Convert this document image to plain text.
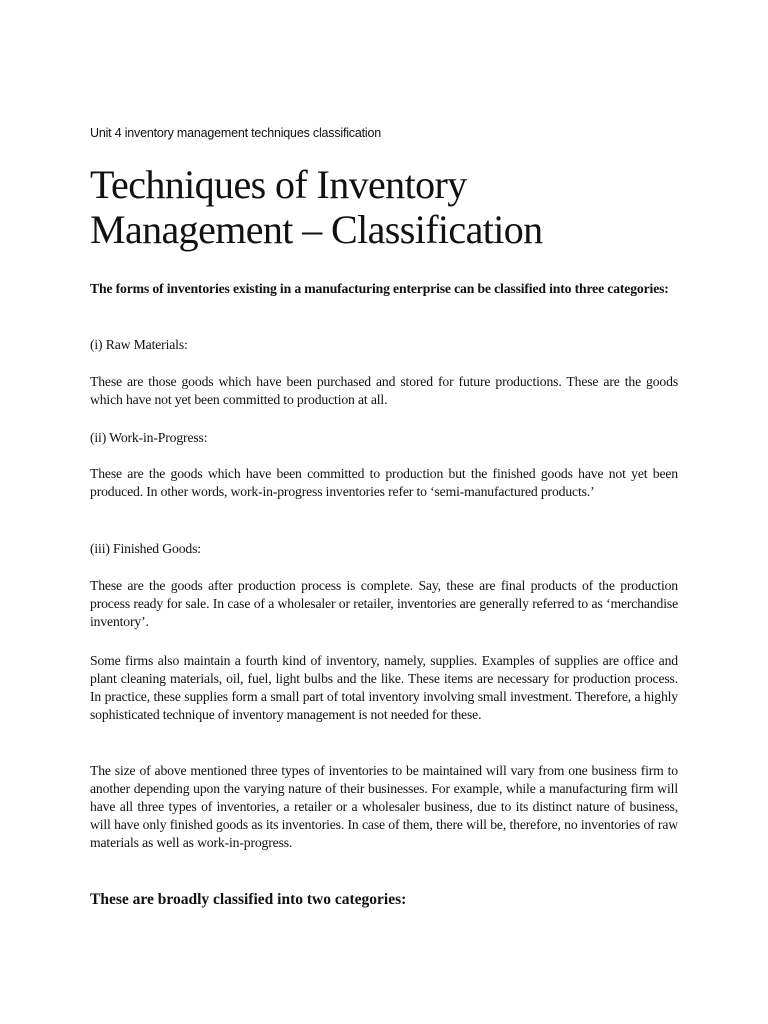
Unit 4 inventory management techniques classification
Techniques of Inventory
Management – Classification

The forms of inventories existing in a manufacturing enterprise can be classified into three categories:

(i) Raw Materials:

These are those goods which have been purchased and stored for future productions. These are the goods which have not yet been committed to production at all.

(ii) Work-in-Progress:

These are the goods which have been committed to production but the finished goods have not yet been produced. In other words, work-in-progress inventories refer to ‘semi-manufactured products.’

(iii) Finished Goods:

These are the goods after production process is complete. Say, these are final products of the production process ready for sale. In case of a wholesaler or retailer, inventories are generally referred to as ‘merchandise inventory’.

Some firms also maintain a fourth kind of inventory, namely, supplies. Examples of supplies are office and plant cleaning materials, oil, fuel, light bulbs and the like. These items are necessary for production process. In practice, these supplies form a small part of total inventory involving small investment. Therefore, a highly sophisticated technique of inventory management is not needed for these.

The size of above mentioned three types of inventories to be maintained will vary from one business firm to another depending upon the varying nature of their businesses. For example, while a manufacturing firm will have all three types of inventories, a retailer or a wholesaler business, due to its distinct nature of business, will have only finished goods as its inventories. In case of them, there will be, therefore, no inventories of raw materials as well as work-in-progress.

These are broadly classified into two categories:
